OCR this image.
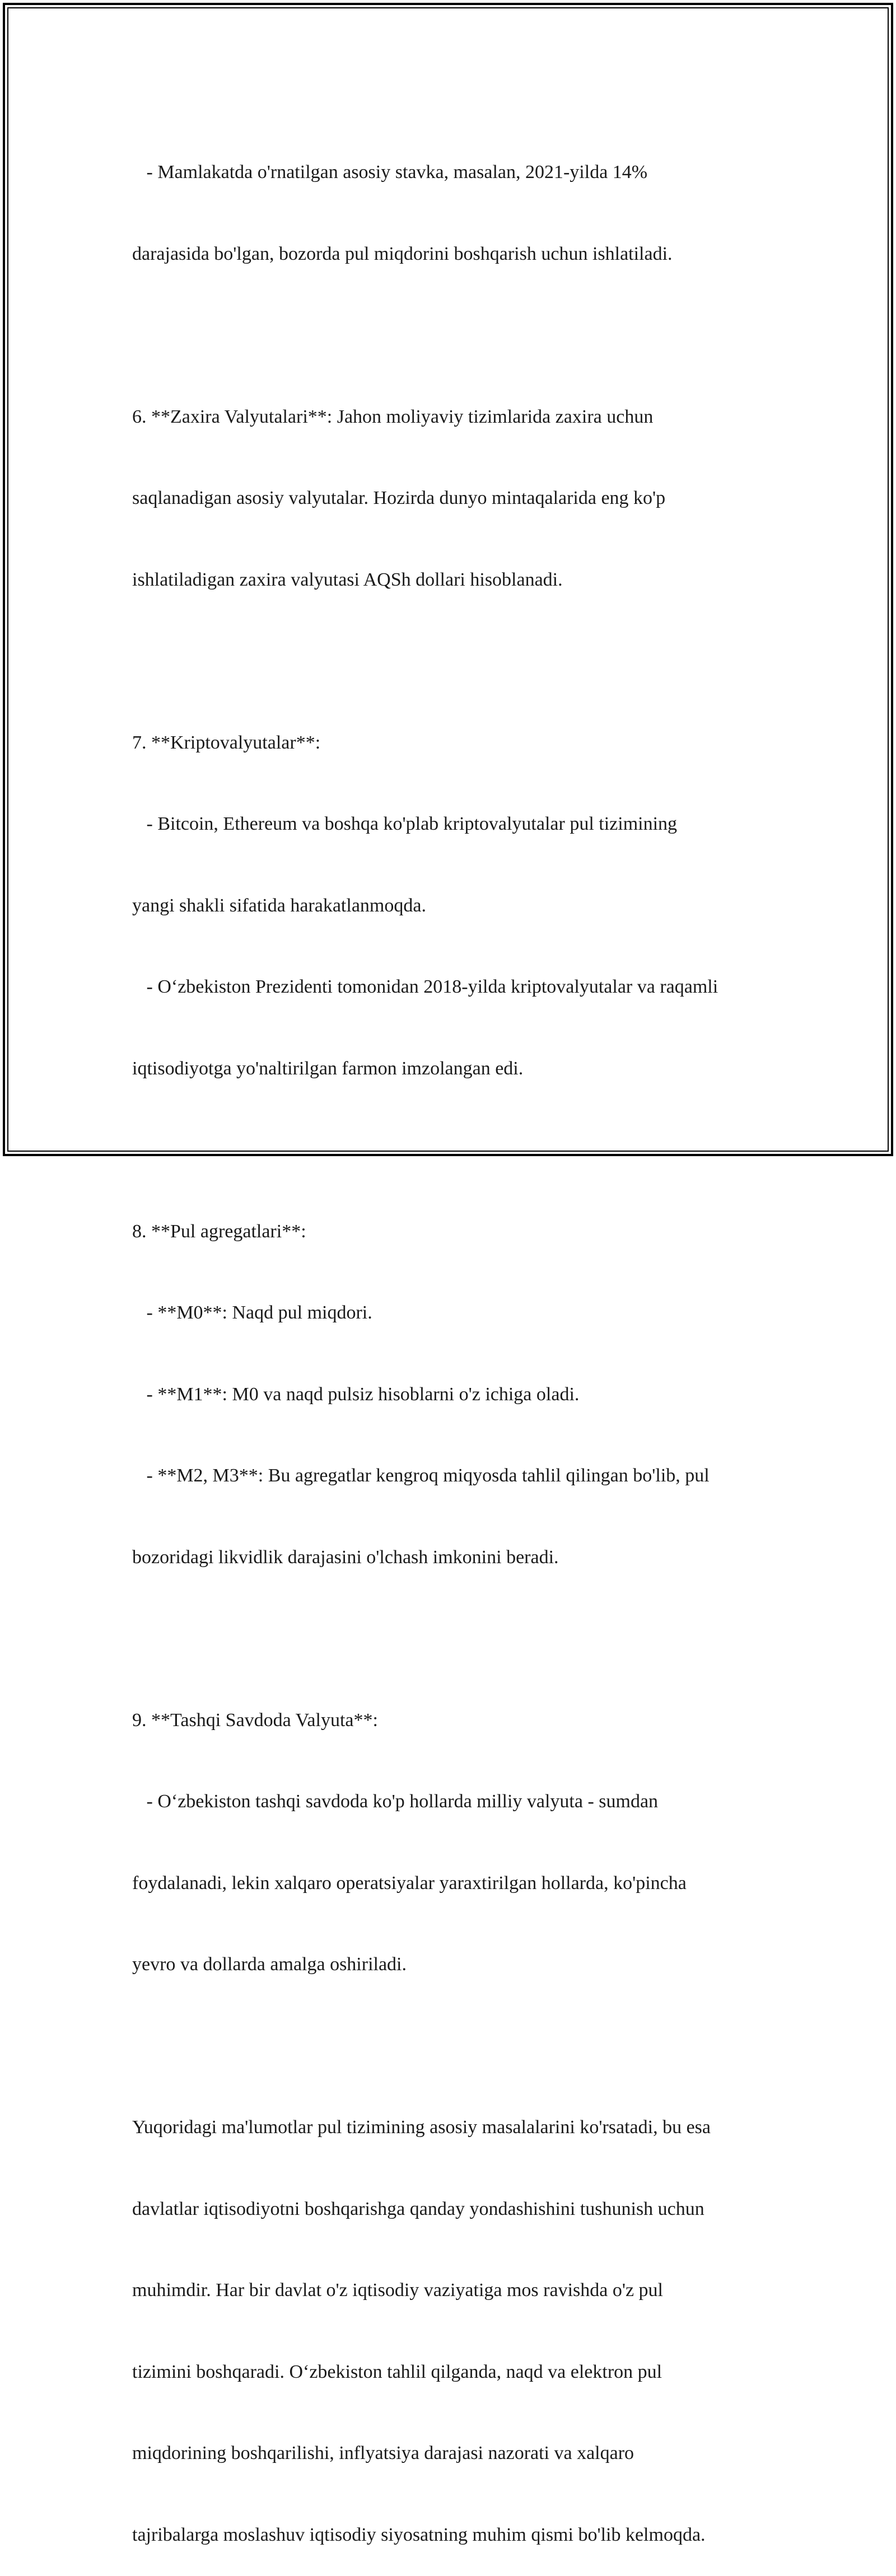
- Mamlakatda o'rnatilgan asosiy stavka, masalan, 2021-yilda 14%

darajasida bo'lgan, bozorda pul miqdorini boshqarish uchun ishlatiladi.

6. **Zaxira Valyutalari**: Jahon moliyaviy tizimlarida zaxira uchun

saqlanadigan asosiy valyutalar. Hozirda dunyo mintaqalarida eng ko'p

ishlatiladigan zaxira valyutasi AQSh dollari hisoblanadi.

7. **Kriptovalyutalar**:

- Bitcoin, Ethereum va boshqa ko'plab kriptovalyutalar pul tizimining

yangi shakli sifatida harakatlanmoqda.

- O‘zbekiston Prezidenti tomonidan 2018-yilda kriptovalyutalar va raqamli

iqtisodiyotga yo'naltirilgan farmon imzolangan edi.

8. **Pul agregatlari**:

- **M0**: Naqd pul miqdori.

- **M1**: M0 va naqd pulsiz hisoblarni o'z ichiga oladi.

- **M2, M3**: Bu agregatlar kengroq miqyosda tahlil qilingan bo'lib, pul

bozoridagi likvidlik darajasini o'lchash imkonini beradi.

9. **Tashqi Savdoda Valyuta**:

- O‘zbekiston tashqi savdoda ko'p hollarda milliy valyuta - sumdan

foydalanadi, lekin xalqaro operatsiyalar yaraxtirilgan hollarda, ko'pincha

yevro va dollarda amalga oshiriladi.

Yuqoridagi ma'lumotlar pul tizimining asosiy masalalarini ko'rsatadi, bu esa

davlatlar iqtisodiyotni boshqarishga qanday yondashishini tushunish uchun

muhimdir. Har bir davlat o'z iqtisodiy vaziyatiga mos ravishda o'z pul

tizimini boshqaradi. O‘zbekiston tahlil qilganda, naqd va elektron pul

miqdorining boshqarilishi, inflyatsiya darajasi nazorati va xalqaro

tajribalarga moslashuv iqtisodiy siyosatning muhim qismi bo'lib kelmoqda.
